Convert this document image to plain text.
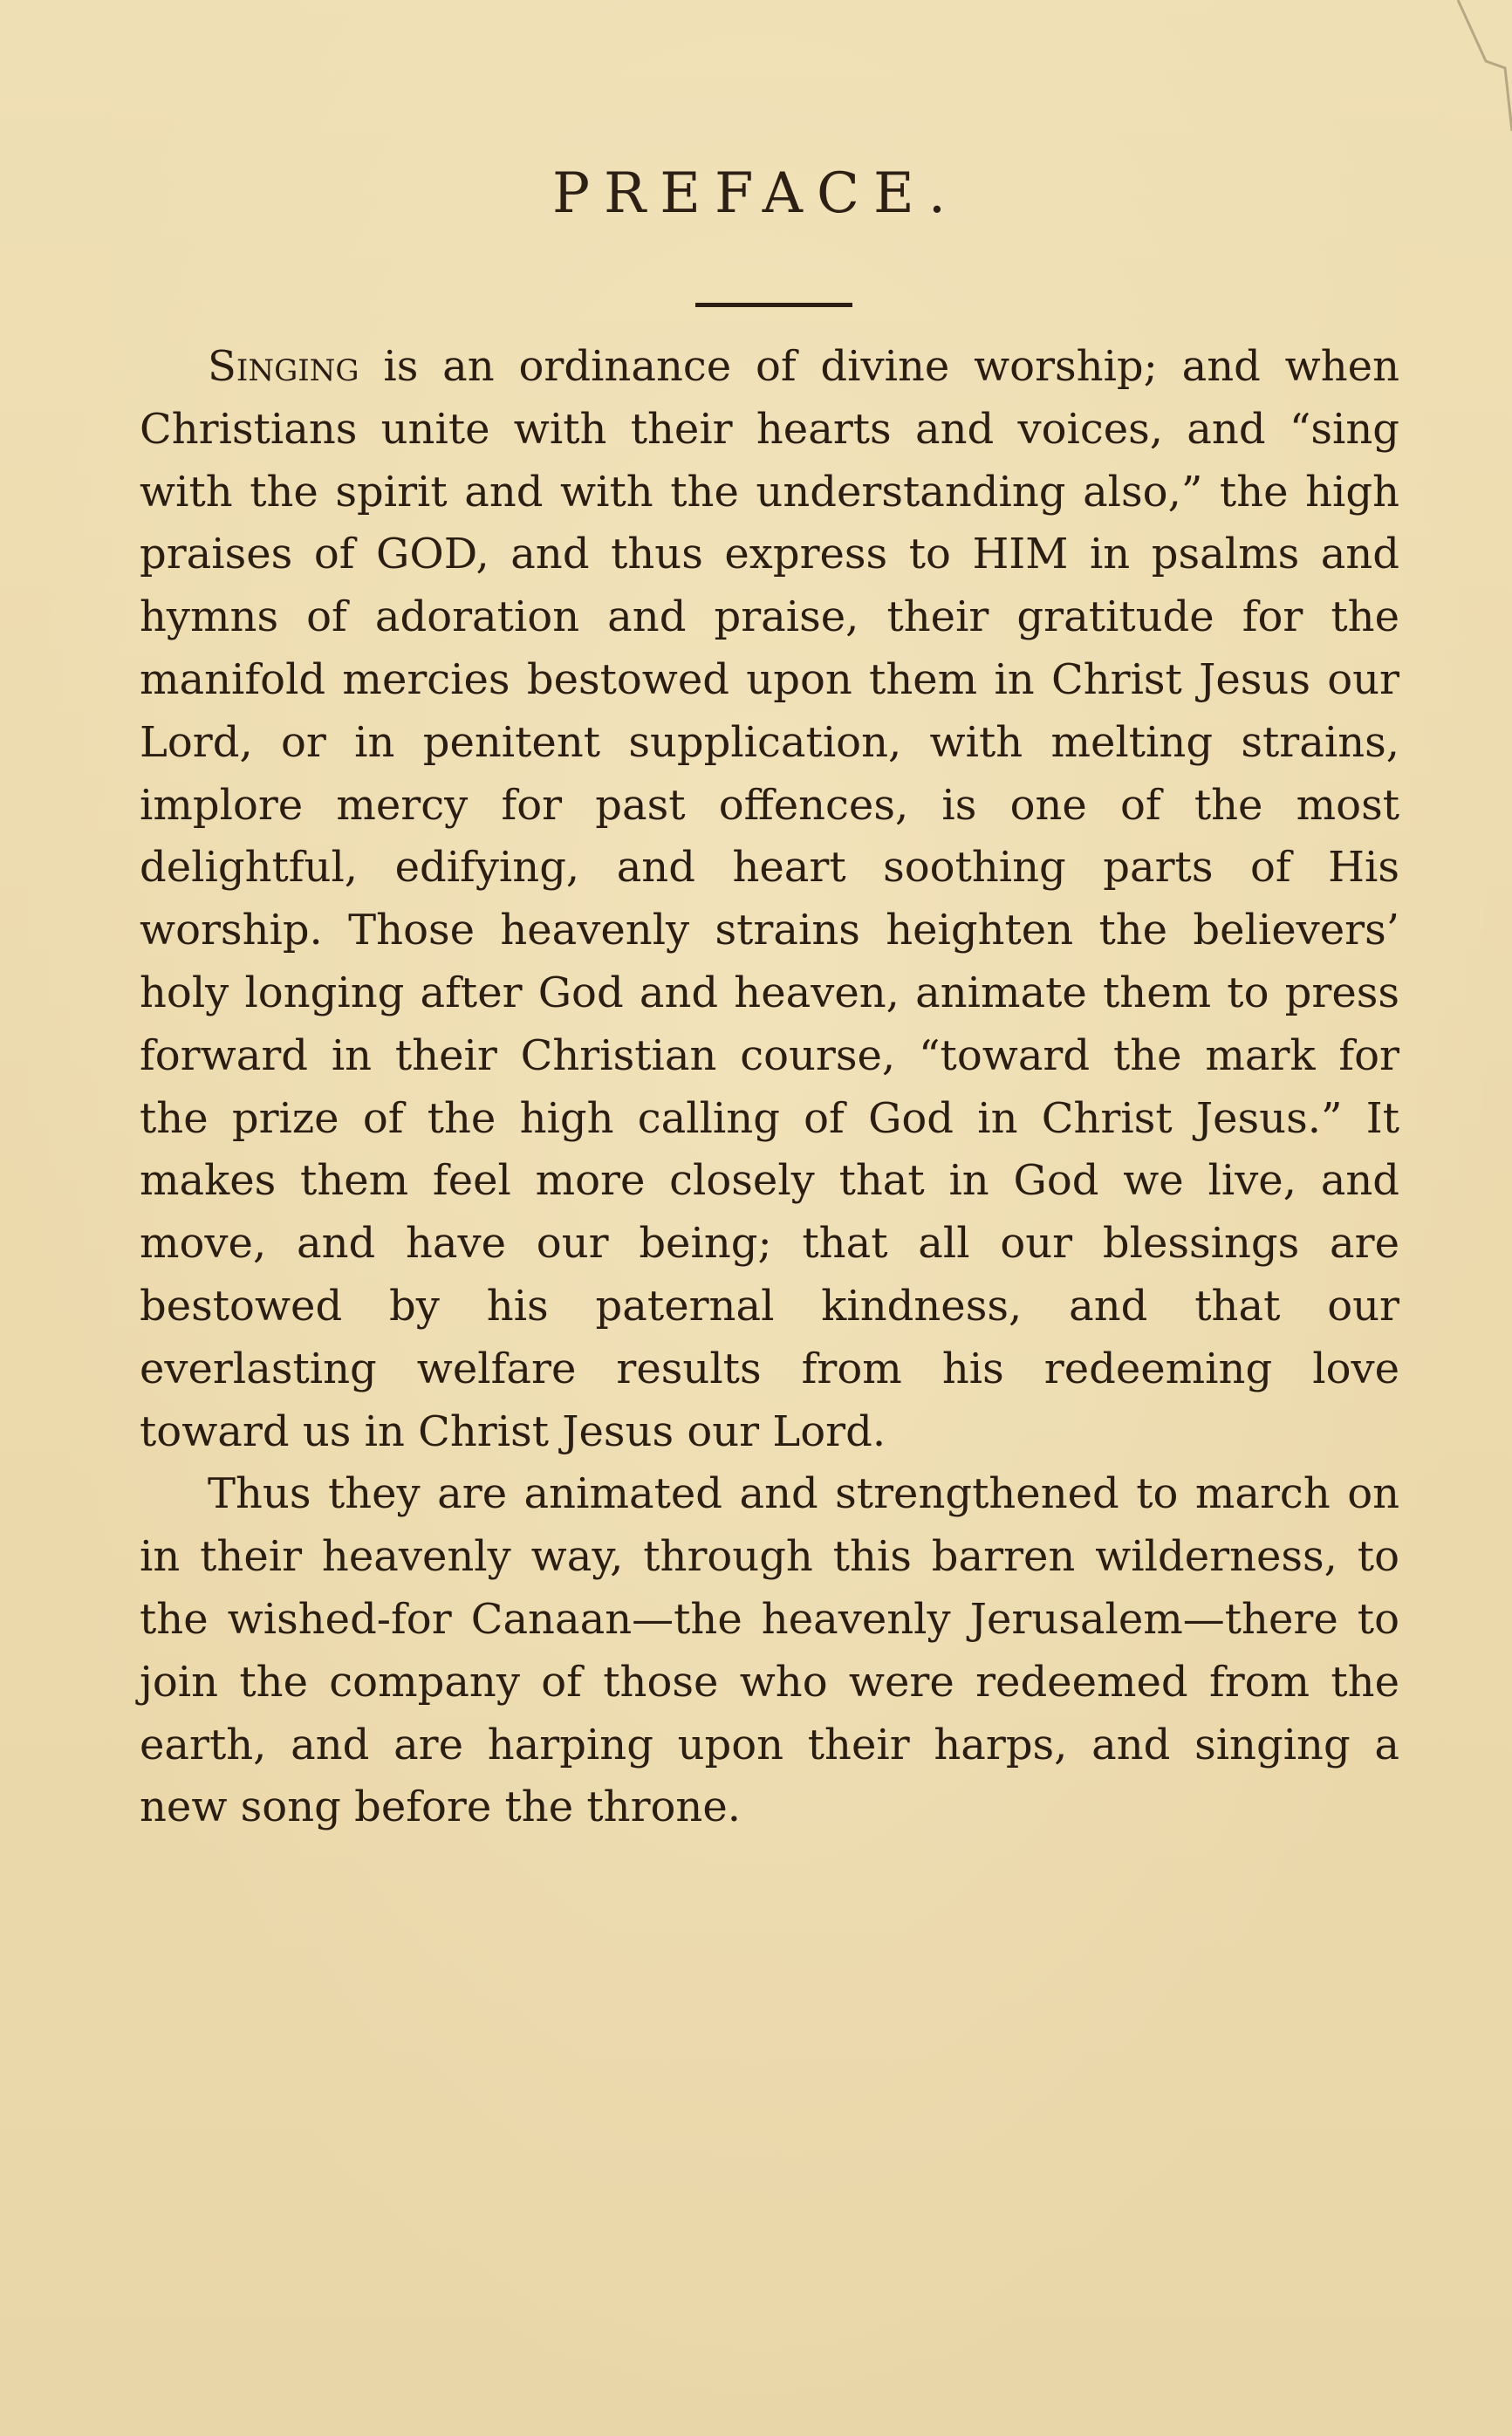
PREFACE.

Singing is an ordinance of divine worship; and when Christians unite with their hearts and voices, and “sing with the spirit and with the understanding also,” the high praises of GOD, and thus express to HIM in psalms and hymns of adoration and praise, their gratitude for the manifold mercies bestowed upon them in Christ Jesus our Lord, or in penitent supplication, with melting strains, implore mercy for past offences, is one of the most delightful, edifying, and heart soothing parts of His worship. Those heavenly strains heighten the believers’ holy longing after God and heaven, animate them to press forward in their Christian course, “toward the mark for the prize of the high calling of God in Christ Jesus.” It makes them feel more closely that in God we live, and move, and have our being; that all our blessings are bestowed by his paternal kindness, and that our everlasting welfare results from his redeeming love toward us in Christ Jesus our Lord.

Thus they are animated and strengthened to march on in their heavenly way, through this barren wilderness, to the wished-for Canaan—the heavenly Jerusalem—there to join the company of those who were redeemed from the earth, and are harping upon their harps, and singing a new song before the throne.
